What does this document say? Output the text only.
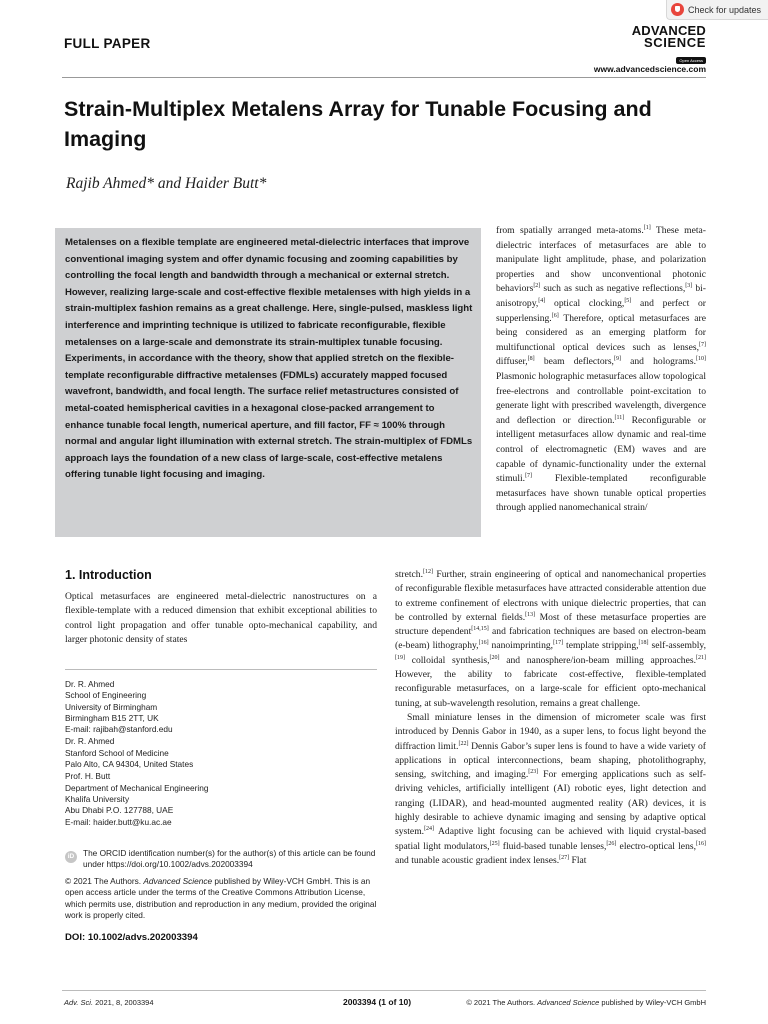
Check for updates
FULL PAPER
ADVANCED
SCIENCE
Open Access
www.advancedscience.com
Strain-Multiplex Metalens Array for Tunable Focusing and Imaging
Rajib Ahmed* and Haider Butt*

Metalenses on a flexible template are engineered metal-dielectric interfaces that improve conventional imaging system and offer dynamic focusing and zooming capabilities by controlling the focal length and bandwidth through a mechanical or external stretch. However, realizing large-scale and cost-effective flexible metalenses with high yields in a strain-multiplex fashion remains as a great challenge. Here, single-pulsed, maskless light interference and imprinting technique is utilized to fabricate reconfigurable, flexible metalenses on a large-scale and demonstrate its strain-multiplex tunable focusing. Experiments, in accordance with the theory, show that applied stretch on the flexible-template reconfigurable diffractive metalenses (FDMLs) accurately mapped focused wavefront, bandwidth, and focal length. The surface relief metastructures consisted of metal-coated hemispherical cavities in a hexagonal close-packed arrangement to enhance tunable focal length, numerical aperture, and fill factor, FF ≈ 100% through normal and angular light illumination with external stretch. The strain-multiplex of FDMLs approach lays the foundation of a new class of large-scale, cost-effective metalens offering tunable light focusing and imaging.

from spatially arranged meta-atoms.[1] These meta-dielectric interfaces of metasurfaces are able to manipulate light amplitude, phase, and polarization properties and show unconventional photonic behaviors[2] such as such as negative reflections,[3] bi-anisotropy,[4] optical clocking,[5] and perfect or supperlensing.[6] Therefore, optical metasurfaces are being considered as an emerging platform for multifunctional optical devices such as lenses,[7] diffuser,[8] beam deflectors,[9] and holograms.[10] Plasmonic holographic metasurfaces allow topological free-electrons and controllable point-excitation to generate light with prescribed wavelength, divergence and deflection or direction.[11] Reconfigurable or intelligent metasurfaces allow dynamic and real-time control of electromagnetic (EM) waves and are capable of dynamic-functionality under the external stimuli.[7] Flexible-templated reconfigurable metasurfaces have shown tunable optical properties through applied nanomechanical strain/

1. Introduction
Optical metasurfaces are engineered metal-dielectric nanostructures on a flexible-template with a reduced dimension that exhibit exceptional abilities to control light propagation and offer tunable opto-mechanical capability, and larger photonic density of states
Dr. R. Ahmed
School of Engineering
University of Birmingham
Birmingham B15 2TT, UK
E-mail: rajibah@stanford.edu
Dr. R. Ahmed
Stanford School of Medicine
Palo Alto, CA 94304, United States
Prof. H. Butt
Department of Mechanical Engineering
Khalifa University
Abu Dhabi P.O. 127788, UAE
E-mail: haider.butt@ku.ac.ae
iD	The ORCID identification number(s) for the author(s) of this article can be found under https://doi.org/10.1002/advs.202003394
© 2021 The Authors. Advanced Science published by Wiley-VCH GmbH. This is an open access article under the terms of the Creative Commons Attribution License, which permits use, distribution and reproduction in any medium, provided the original work is properly cited.
DOI: 10.1002/advs.202003394

stretch.[12] Further, strain engineering of optical and nanomechanical properties of reconfigurable flexible metasurfaces have attracted considerable attention due to extreme confinement of electrons with unique dielectric properties, that can be controlled by external fields.[13] Most of these metasurface properties are structure dependent[14,15] and fabrication techniques are based on electron-beam (e-beam) lithography,[16] nanoimprinting,[17] template stripping,[18] self-assembly,[19] colloidal synthesis,[20] and nanosphere/ion-beam milling approaches.[21] However, the ability to fabricate cost-effective, flexible-templated reconfigurable metasurfaces, on a large-scale for efficient opto-mechanical tuning, at sub-wavelength resolution, remains a great challenge.

Small miniature lenses in the dimension of micrometer scale was first introduced by Dennis Gabor in 1940, as a super lens, to focus light beyond the diffraction limit.[22] Dennis Gabor’s super lens is found to have a wide variety of applications in optical interconnections, beam shaping, photolithography, sensing, switching, and imaging.[23] For emerging applications such as self-driving vehicles, artificially intelligent (AI) robotic eyes, light detection and ranging (LIDAR), and head-mounted augmented reality (AR) devices, it is highly desirable to achieve dynamic imaging and sensing by adaptive optical system.[24] Adaptive light focusing can be achieved with liquid crystal-based spatial light modulators,[25] fluid-based tunable lenses,[26] electro-optical lens,[16] and tunable acoustic gradient index lenses.[27] Flat

Adv. Sci. 2021, 8, 2003394	2003394 (1 of 10)	© 2021 The Authors. Advanced Science published by Wiley-VCH GmbH
